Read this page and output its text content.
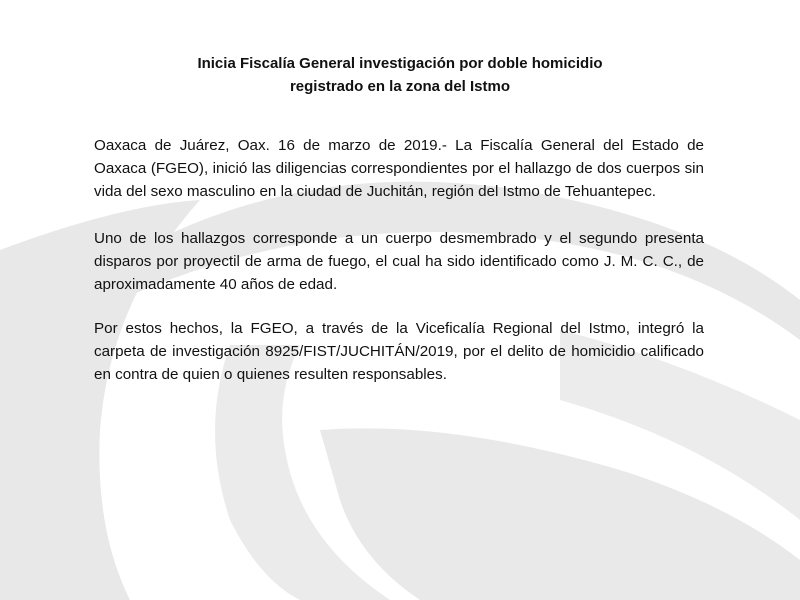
Inicia Fiscalía General investigación por doble homicidio
registrado en la zona del Istmo

Oaxaca de Juárez, Oax. 16 de marzo de 2019.- La Fiscalía General del Estado de Oaxaca (FGEO), inició las diligencias correspondientes por el hallazgo de dos cuerpos sin vida del sexo masculino en la ciudad de Juchitán, región del Istmo de Tehuantepec.

Uno de los hallazgos corresponde a un cuerpo desmembrado y el segundo presenta disparos por proyectil de arma de fuego, el cual ha sido identificado como J. M. C. C., de aproximadamente 40 años de edad.

Por estos hechos, la FGEO, a través de la Viceficalía Regional del Istmo, integró la carpeta de investigación 8925/FIST/JUCHITÁN/2019, por el delito de homicidio calificado en contra de quien o quienes resulten responsables.
